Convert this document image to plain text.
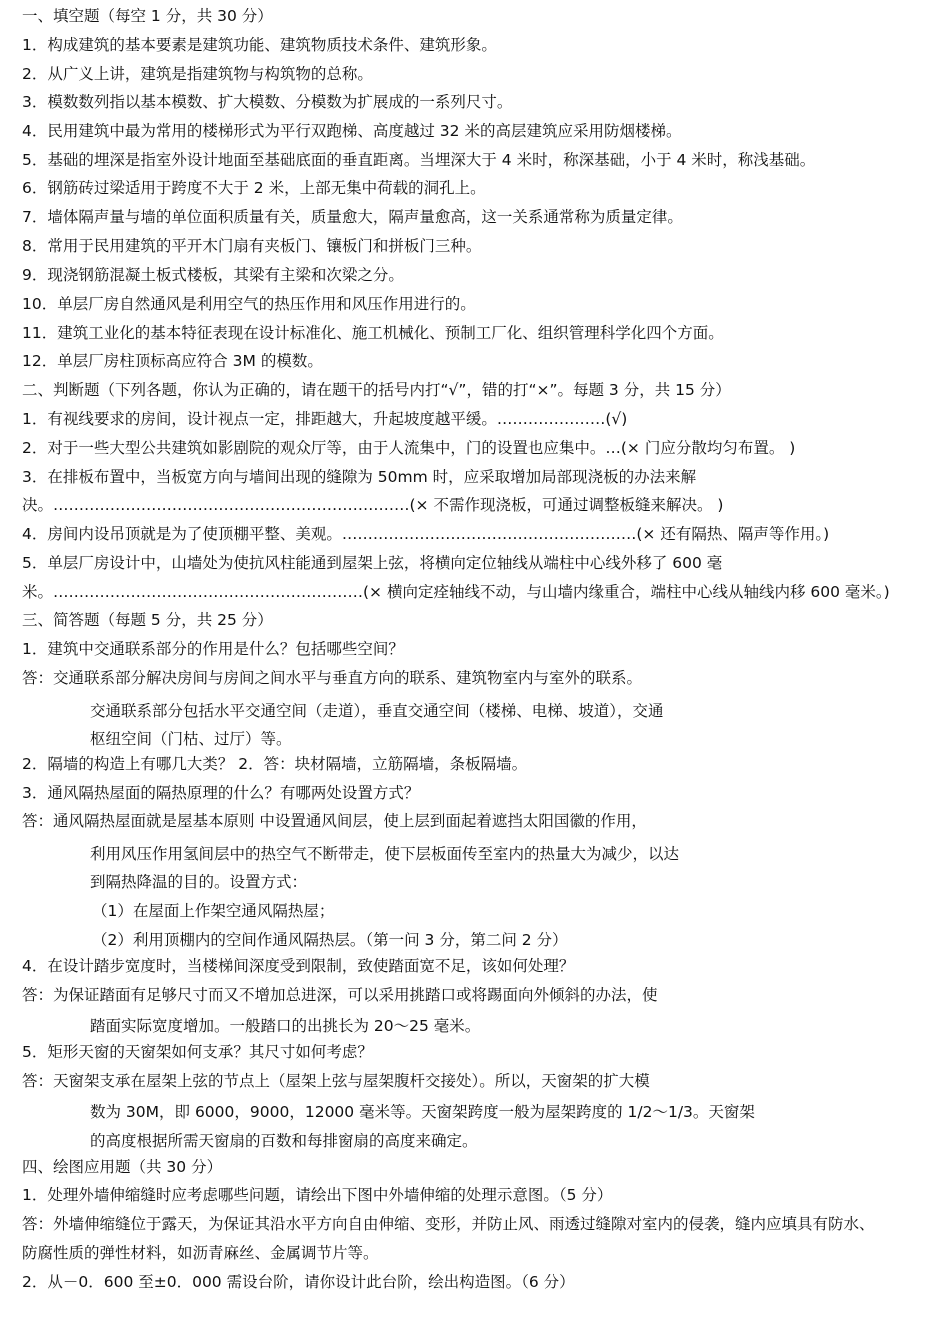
一、填空题（每空 1 分，共 30 分）
1．构成建筑的基本要素是建筑功能、建筑物质技术条件、建筑形象。
2．从广义上讲，建筑是指建筑物与构筑物的总称。
3．模数数列指以基本模数、扩大模数、分模数为扩展成的一系列尺寸。
4．民用建筑中最为常用的楼梯形式为平行双跑梯、高度越过 32 米的高层建筑应采用防烟楼梯。
5．基础的埋深是指室外设计地面至基础底面的垂直距离。当埋深大于 4 米时，称深基础，小于 4 米时，称浅基础。
6．钢筋砖过梁适用于跨度不大于 2 米，上部无集中荷载的洞孔上。
7．墙体隔声量与墙的单位面积质量有关，质量愈大，隔声量愈高，这一关系通常称为质量定律。
8．常用于民用建筑的平开木门扇有夹板门、镶板门和拼板门三种。
9．现浇钢筋混凝土板式楼板，其梁有主梁和次梁之分。
10．单层厂房自然通风是利用空气的热压作用和风压作用进行的。
11．建筑工业化的基本特征表现在设计标准化、施工机械化、预制工厂化、组织管理科学化四个方面。
12．单层厂房柱顶标高应符合 3M 的模数。
二、判断题（下列各题，你认为正确的，请在题干的括号内打“√”，错的打“×”。每题 3 分，共 15 分）
1．有视线要求的房间，设计视点一定，排距越大，升起坡度越平缓。…………………(√)
2．对于一些大型公共建筑如影剧院的观众厅等，由于人流集中，门的设置也应集中。…(× 门应分散均匀布置。 )
3．在排板布置中，当板宽方向与墙间出现的缝隙为 50mm 时，应采取增加局部现浇板的办法来解
决。……………………………………………………………(× 不需作现浇板，可通过调整板缝来解决。 )
4．房间内设吊顶就是为了使顶棚平整、美观。…………………………………………………(× 还有隔热、隔声等作用。)
5．单层厂房设计中，山墙处为使抗风柱能通到屋架上弦，将横向定位轴线从端柱中心线外移了 600 毫
米。……………………………………………………(× 横向定痊轴线不动，与山墙内缘重合，端柱中心线从轴线内移 600 毫米。)
三、简答题（每题 5 分，共 25 分）
1．建筑中交通联系部分的作用是什么？包括哪些空间？
答：交通联系部分解决房间与房间之间水平与垂直方向的联系、建筑物室内与室外的联系。
交通联系部分包括水平交通空间（走道），垂直交通空间（楼梯、电梯、坡道），交通
枢纽空间（门枯、过厅）等。
2．隔墙的构造上有哪几大类？ 2．答：块材隔墙，立筋隔墙，条板隔墙。
3．通风隔热屋面的隔热原理的什么？有哪两处设置方式？
答：通风隔热屋面就是屋基本原则 中设置通风间层，使上层到面起着遮挡太阳国徽的作用，
利用风压作用氢间层中的热空气不断带走，使下层板面传至室内的热量大为减少，以达
到隔热降温的目的。设置方式：
（1）在屋面上作架空通风隔热屋；
（2）利用顶棚内的空间作通风隔热层。（第一问 3 分，第二问 2 分）
4．在设计踏步宽度时，当楼梯间深度受到限制，致使踏面宽不足，该如何处理？
答：为保证踏面有足够尺寸而又不增加总进深，可以采用挑踏口或将踢面向外倾斜的办法，使
踏面实际宽度增加。一般踏口的出挑长为 20～25 毫米。
5．矩形天窗的天窗架如何支承？其尺寸如何考虑？
答：天窗架支承在屋架上弦的节点上（屋架上弦与屋架腹杆交接处）。所以，天窗架的扩大模
数为 30M，即 6000，9000，12000 毫米等。天窗架跨度一般为屋架跨度的 1/2～1/3。天窗架
的高度根据所需天窗扇的百数和每排窗扇的高度来确定。
四、绘图应用题（共 30 分）
1．处理外墙伸缩缝时应考虑哪些问题，请绘出下图中外墙伸缩的处理示意图。（5 分）
答：外墙伸缩缝位于露天，为保证其沿水平方向自由伸缩、变形，并防止风、雨透过缝隙对室内的侵袭，缝内应填具有防水、
防腐性质的弹性材料，如沥青麻丝、金属调节片等。
2．从－0．600 至±0．000 需设台阶，请你设计此台阶，绘出构造图。（6 分）
